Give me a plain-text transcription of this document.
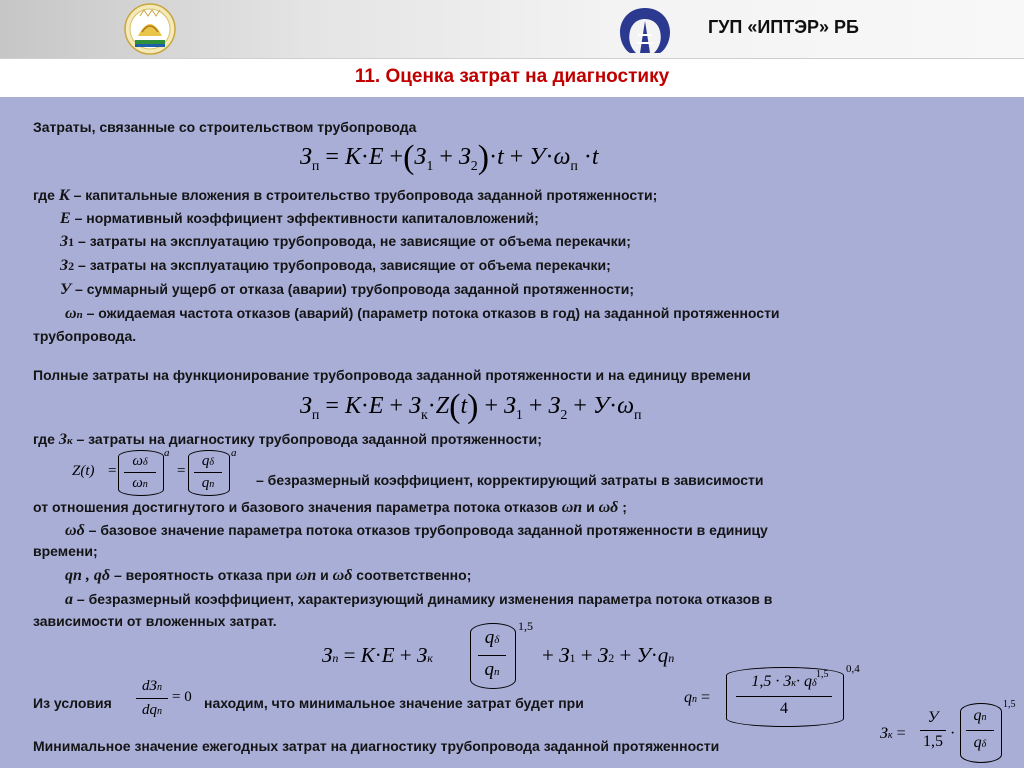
ГУП «ИПТЭР» РБ
11. Оценка затрат на диагностику
Затраты, связанные со строительством трубопровода
$З_п = К\cdot Е +(З_1 + З_2)\cdot t + У\cdot\omega_п \cdot t$
где К – капитальные вложения в строительство трубопровода заданной протяженности;
Е – нормативный коэффициент эффективности капиталовложений;
З1 – затраты на эксплуатацию трубопровода, не зависящие от объема перекачки;
З2 – затраты на эксплуатацию трубопровода, зависящие от объема перекачки;
У – суммарный ущерб от отказа (аварии) трубопровода заданной протяженности;
ωп – ожидаемая частота отказов (аварий) (параметр потока отказов в год) на заданной протяженности
трубопровода.
Полные затраты на функционирование трубопровода заданной протяженности и на единицу времени
$З_п = К\cdot Е + З_к\cdot Z(t) + З_1 + З_2 + У\cdot\omega_п$
где Зк – затраты на диагностику трубопровода заданной протяженности;
Z(t) =
ωδ
ωп
a
=
qδ
qп
a
– безразмерный коэффициент, корректирующий затраты в зависимости
от отношения достигнутого и базового значения параметра потока отказов ωп и ωδ ;
ωδ – базовое значение параметра потока отказов трубопровода заданной протяженности в единицу
времени;
qп , qδ – вероятность отказа при ωп и ωδ соответственно;
а – безразмерный коэффициент, характеризующий динамику изменения параметра потока отказов в
зависимости от вложенных затрат.
Зп = К·Е + Зк
qδ
qп
1,5
+ З1 + З2 + У·qп
Из условия
dЗп
dqп
= 0 находим, что минимальное значение затрат будет при	qп =
1,5 · Зк· qδ
1,5
4
0,4
Минимальное значение ежегодных затрат на диагностику трубопровода заданной протяженности
Зк =
У
1,5 ·
qп
qδ
1,5
